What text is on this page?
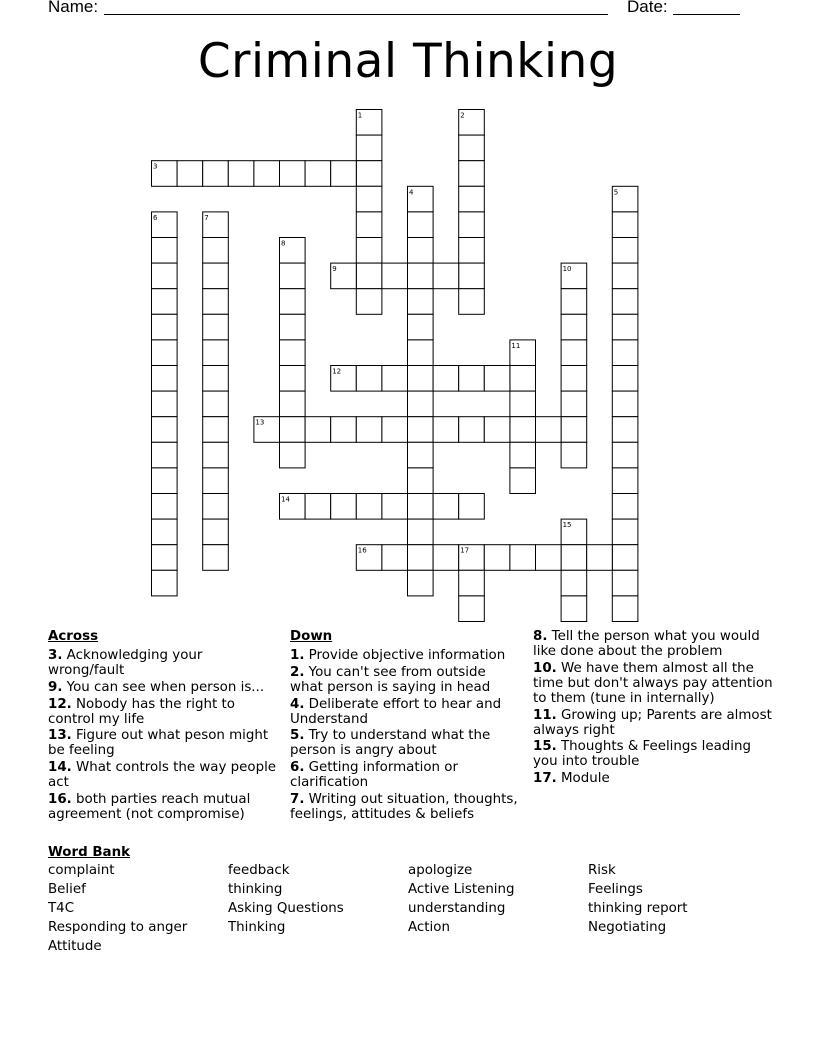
Name:	Date:
Criminal Thinking
1	2
3
4	5
6	7
8
9	10
11
12
13
14
15
16	17
Across
3. Acknowledging your wrong/fault
9. You can see when person is...
12. Nobody has the right to control my life
13. Figure out what peson might be feeling
14. What controls the way people act
16. both parties reach mutual agreement (not compromise)
Down
1. Provide objective information
2. You can't see from outside what person is saying in head
4. Deliberate effort to hear and Understand
5. Try to understand what the person is angry about
6. Getting information or clarification
7. Writing out situation, thoughts, feelings, attitudes & beliefs
8. Tell the person what you would like done about the problem
10. We have them almost all the time but don't always pay attention to them (tune in internally)
11. Growing up; Parents are almost always right
15. Thoughts & Feelings leading you into trouble
17. Module
Word Bank
complaint	feedback	apologize	Risk
Belief	thinking	Active Listening	Feelings
T4C	Asking Questions	understanding	thinking report
Responding to anger	Thinking	Action	Negotiating
Attitude
